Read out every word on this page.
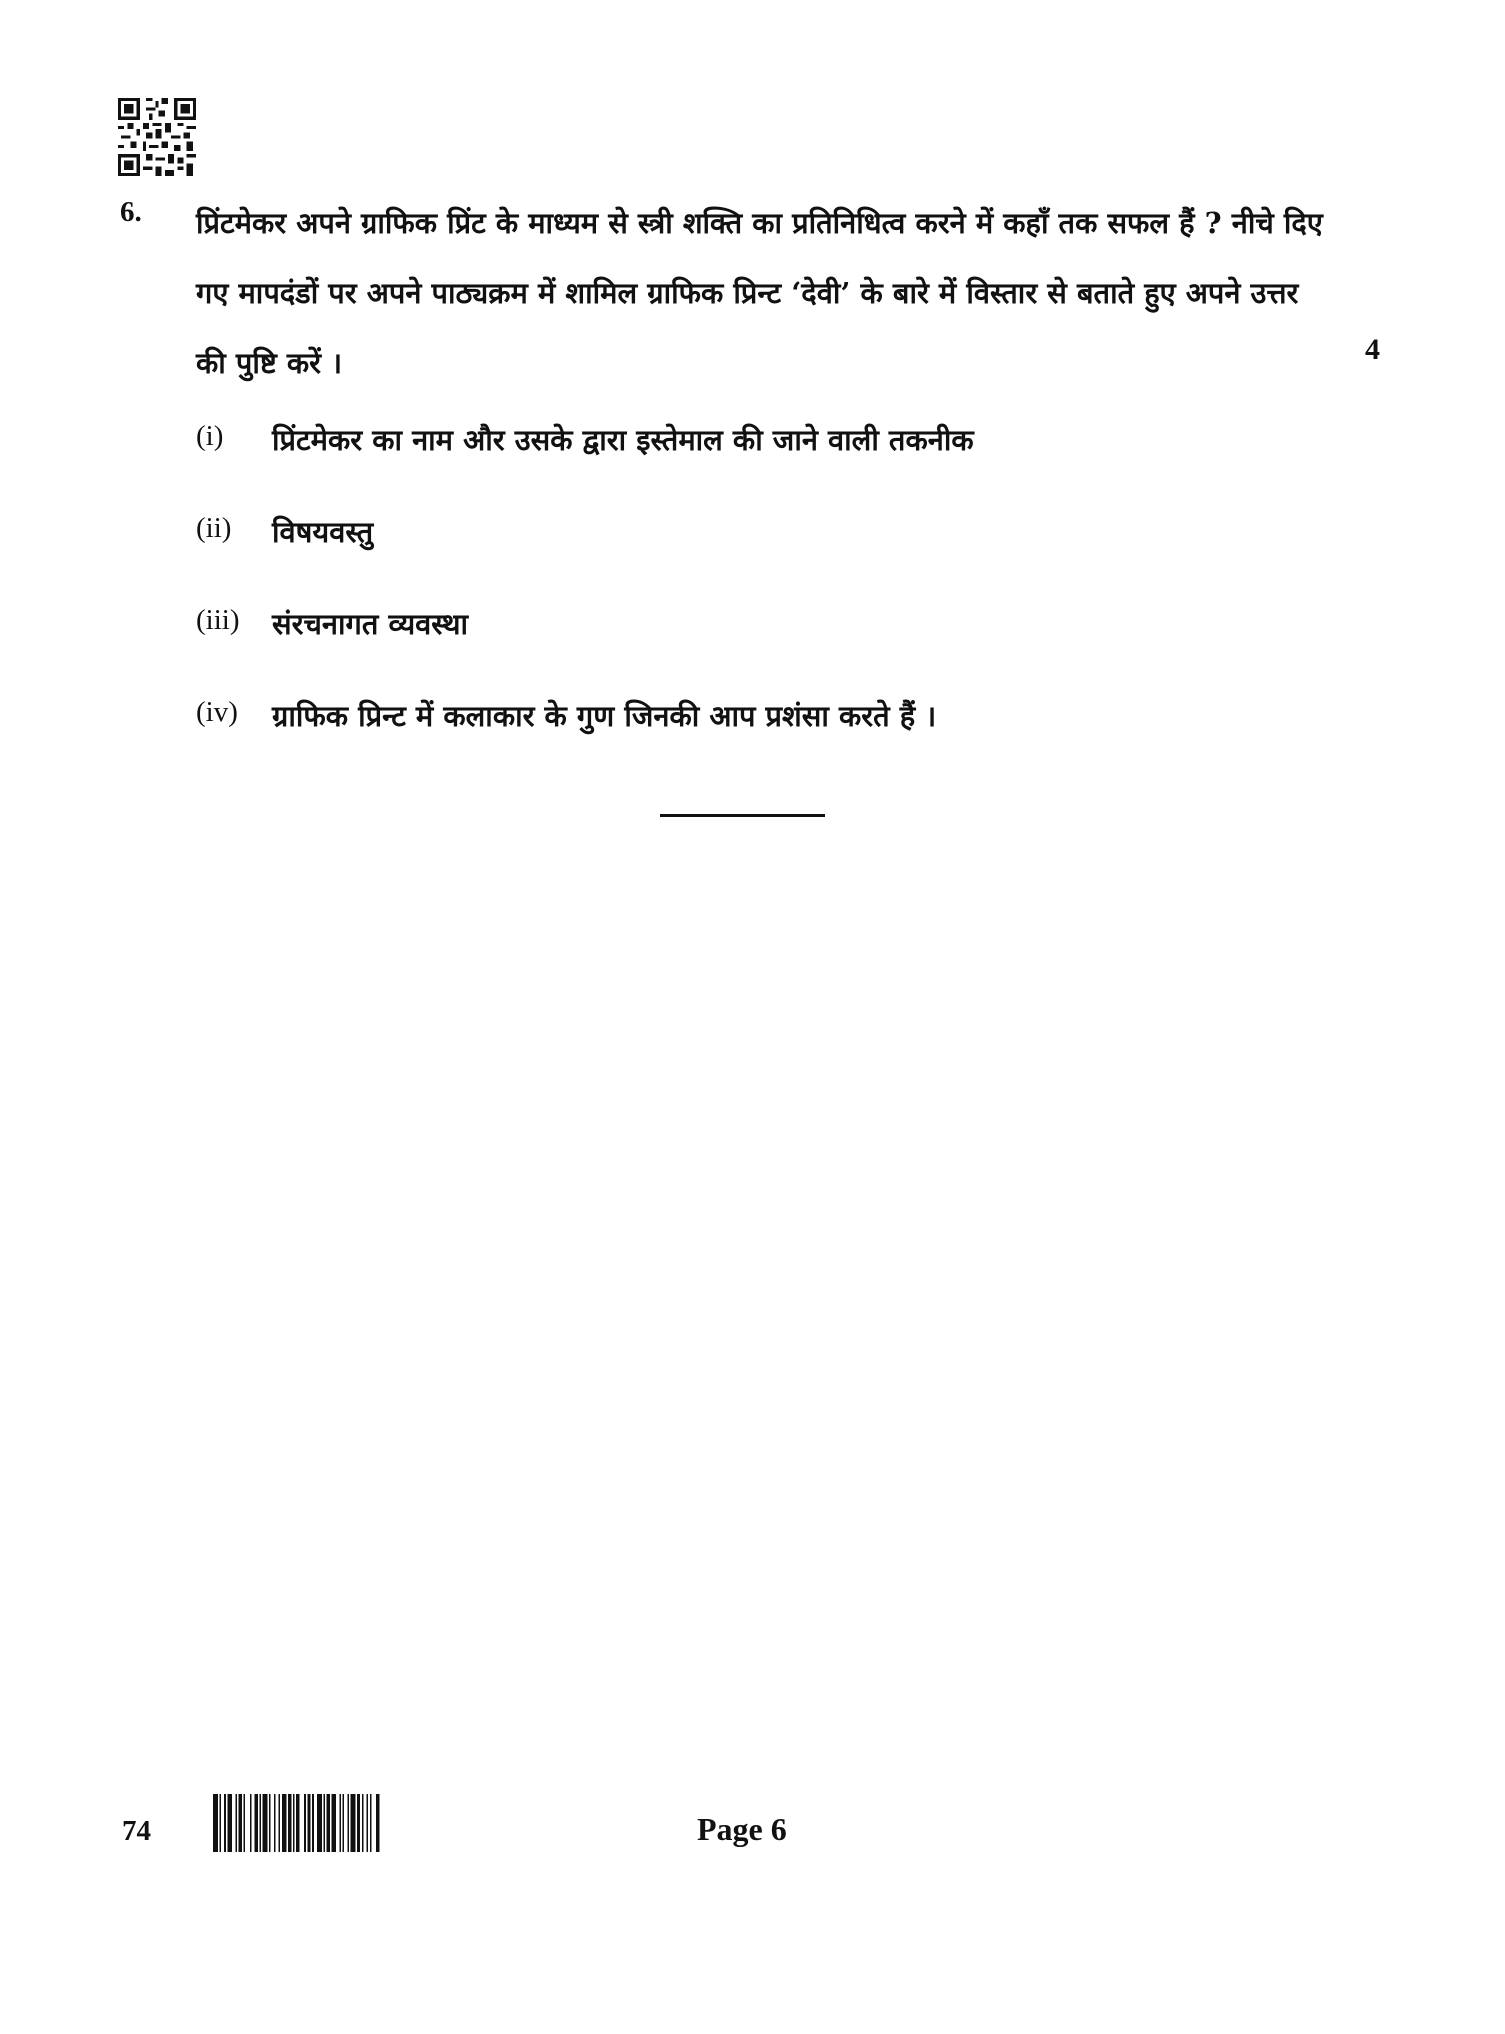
6. प्रिंटमेकर अपने ग्राफिक प्रिंट के माध्यम से स्त्री शक्ति का प्रतिनिधित्व करने में कहाँ तक सफल हैं ? नीचे दिए गए मापदंडों पर अपने पाठ्यक्रम में शामिल ग्राफिक प्रिन्ट ‘देवी’ के बारे में विस्तार से बताते हुए अपने उत्तर की पुष्टि करें ।	4
(i)	प्रिंटमेकर का नाम और उसके द्वारा इस्तेमाल की जाने वाली तकनीक
(ii)	विषयवस्तु
(iii)	संरचनागत व्यवस्था
(iv)	ग्राफिक प्रिन्ट में कलाकार के गुण जिनकी आप प्रशंसा करते हैं ।
74	Page 6
